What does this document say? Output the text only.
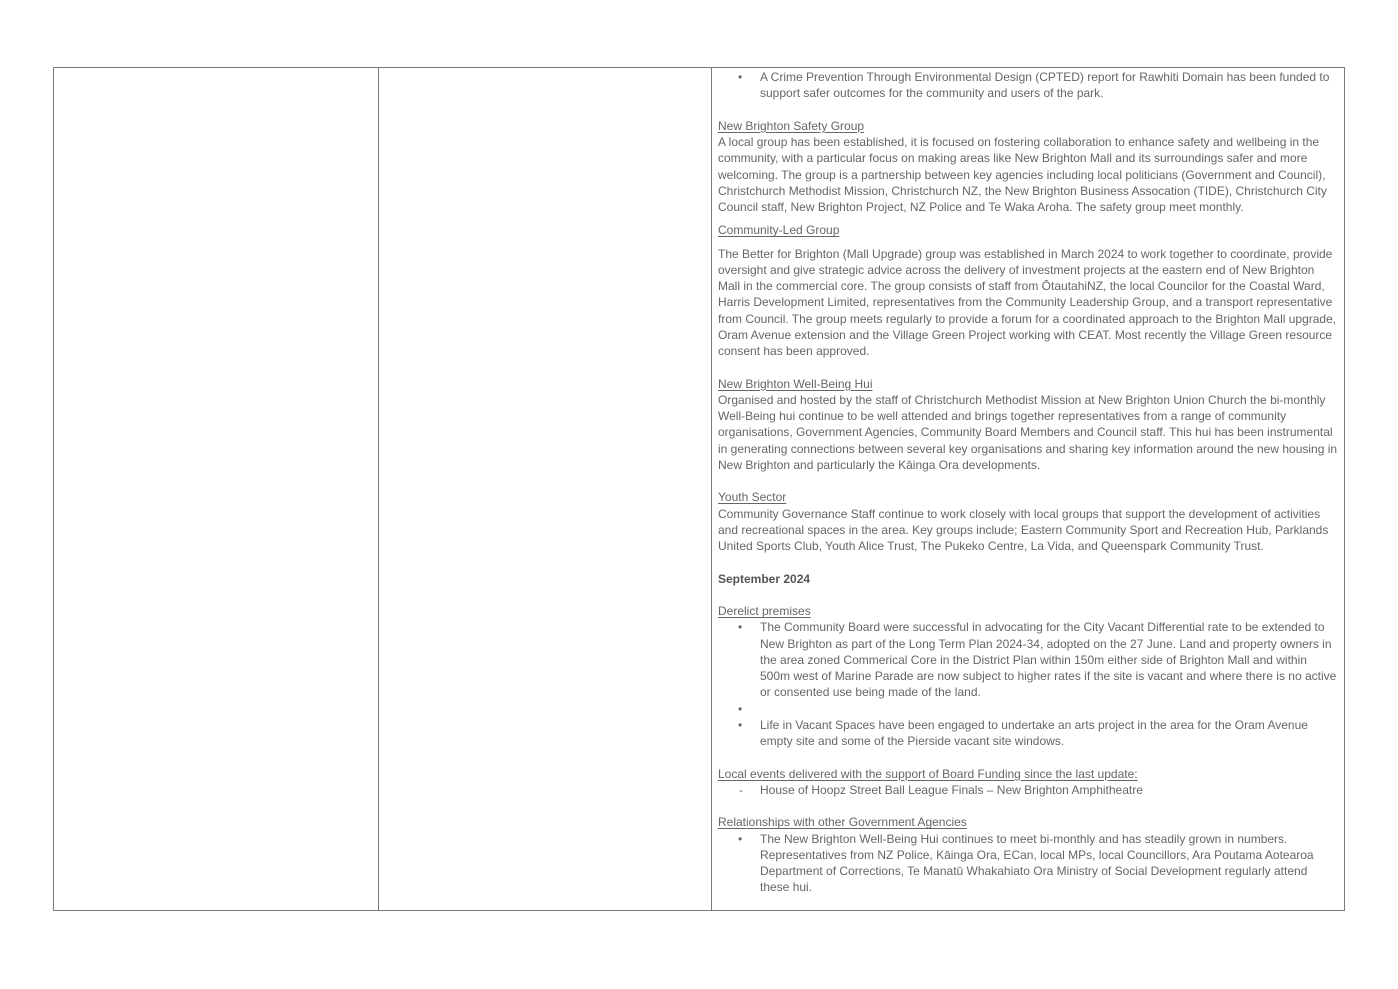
• A Crime Prevention Through Environmental Design (CPTED) report for Rawhiti Domain has been funded to support safer outcomes for the community and users of the park.

New Brighton Safety Group

A local group has been established, it is focused on fostering collaboration to enhance safety and wellbeing in the community, with a particular focus on making areas like New Brighton Mall and its surroundings safer and more welcoming. The group is a partnership between key agencies including local politicians (Government and Council), Christchurch Methodist Mission, Christchurch NZ, the New Brighton Business Assocation (TIDE), Christchurch City Council staff, New Brighton Project, NZ Police and Te Waka Aroha. The safety group meet monthly.

Community-Led Group

The Better for Brighton (Mall Upgrade) group was established in March 2024 to work together to coordinate, provide oversight and give strategic advice across the delivery of investment projects at the eastern end of New Brighton Mall in the commercial core. The group consists of staff from ŌtautahiNZ, the local Councilor for the Coastal Ward, Harris Development Limited, representatives from the Community Leadership Group, and a transport representative from Council. The group meets regularly to provide a forum for a coordinated approach to the Brighton Mall upgrade, Oram Avenue extension and the Village Green Project working with CEAT. Most recently the Village Green resource consent has been approved.

New Brighton Well-Being Hui

Organised and hosted by the staff of Christchurch Methodist Mission at New Brighton Union Church the bi-monthly Well-Being hui continue to be well attended and brings together representatives from a range of community organisations, Government Agencies, Community Board Members and Council staff. This hui has been instrumental in generating connections between several key organisations and sharing key information around the new housing in New Brighton and particularly the Kāinga Ora developments.

Youth Sector

Community Governance Staff continue to work closely with local groups that support the development of activities and recreational spaces in the area. Key groups include; Eastern Community Sport and Recreation Hub, Parklands United Sports Club, Youth Alice Trust, The Pukeko Centre, La Vida, and Queenspark Community Trust.

September 2024

Derelict premises

• The Community Board were successful in advocating for the City Vacant Differential rate to be extended to New Brighton as part of the Long Term Plan 2024-34, adopted on the 27 June. Land and property owners in the area zoned Commerical Core in the District Plan within 150m either side of Brighton Mall and within 500m west of Marine Parade are now subject to higher rates if the site is vacant and where there is no active or consented use being made of the land.
•
• Life in Vacant Spaces have been engaged to undertake an arts project in the area for the Oram Avenue empty site and some of the Pierside vacant site windows.

Local events delivered with the support of Board Funding since the last update:

- House of Hoopz Street Ball League Finals – New Brighton Amphitheatre

Relationships with other Government Agencies

• The New Brighton Well-Being Hui continues to meet bi-monthly and has steadily grown in numbers. Representatives from NZ Police, Kāinga Ora, ECan, local MPs, local Councillors, Ara Poutama Aotearoa Department of Corrections, Te Manatū Whakahiato Ora Ministry of Social Development regularly attend these hui.
